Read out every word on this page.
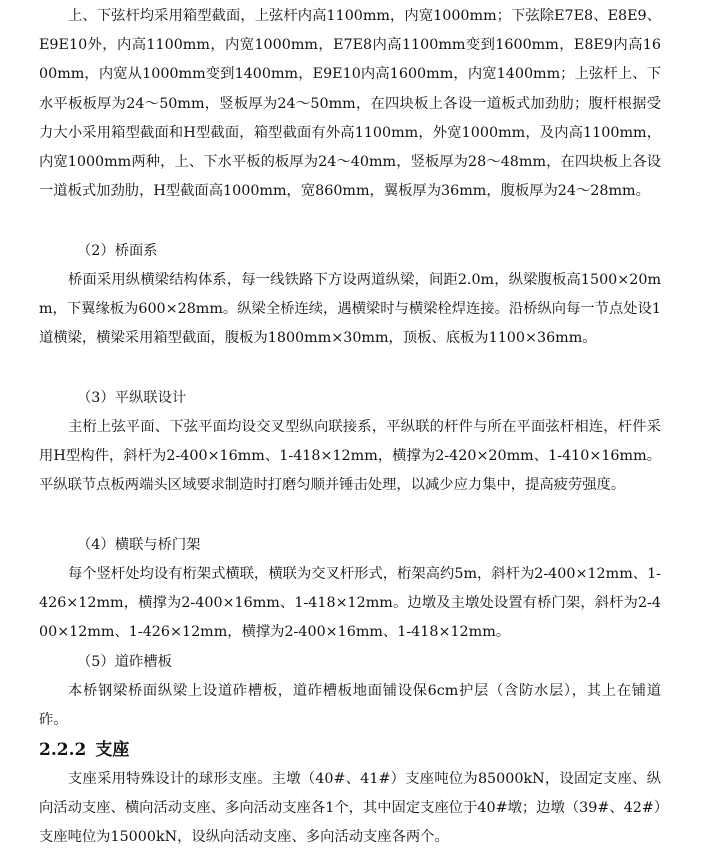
上、下弦杆均采用箱型截面，上弦杆内高1100mm，内宽1000mm；下弦除E7E8、E8E9、E9E10外，内高1100mm，内宽1000mm，E7E8内高1100mm变到1600mm，E8E9内高1600mm，内宽从1000mm变到1400mm，E9E10内高1600mm，内宽1400mm；上弦杆上、下水平板板厚为24～50mm，竖板厚为24～50mm，在四块板上各设一道板式加劲肋；腹杆根据受力大小采用箱型截面和H型截面，箱型截面有外高1100mm，外宽1000mm，及内高1100mm，内宽1000mm两种，上、下水平板的板厚为24～40mm，竖板厚为28～48mm，在四块板上各设一道板式加劲肋，H型截面高1000mm，宽860mm，翼板厚为36mm，腹板厚为24～28mm。

（2）桥面系

桥面采用纵横梁结构体系，每一线铁路下方设两道纵梁，间距2.0m，纵梁腹板高1500×20mm，下翼缘板为600×28mm。纵梁全桥连续，遇横梁时与横梁栓焊连接。沿桥纵向每一节点处设1道横梁，横梁采用箱型截面，腹板为1800mm×30mm，顶板、底板为1100×36mm。

（3）平纵联设计

主桁上弦平面、下弦平面均设交叉型纵向联接系，平纵联的杆件与所在平面弦杆相连，杆件采用H型构件，斜杆为2-400×16mm、1-418×12mm，横撑为2-420×20mm、1-410×16mm。平纵联节点板两端头区域要求制造时打磨匀顺并锤击处理，以减少应力集中，提高疲劳强度。

（4）横联与桥门架

每个竖杆处均设有桁架式横联，横联为交叉杆形式，桁架高约5m，斜杆为2-400×12mm、1-426×12mm，横撑为2-400×16mm、1-418×12mm。边墩及主墩处设置有桥门架，斜杆为2-400×12mm、1-426×12mm，横撑为2-400×16mm、1-418×12mm。

（5）道砟槽板

本桥钢梁桥面纵梁上设道砟槽板，道砟槽板地面铺设保6cm护层（含防水层），其上在铺道砟。

2.2.2 支座

支座采用特殊设计的球形支座。主墩（40#、41#）支座吨位为85000kN，设固定支座、纵向活动支座、横向活动支座、多向活动支座各1个，其中固定支座位于40#墩；边墩（39#、42#）支座吨位为15000kN，设纵向活动支座、多向活动支座各两个。
